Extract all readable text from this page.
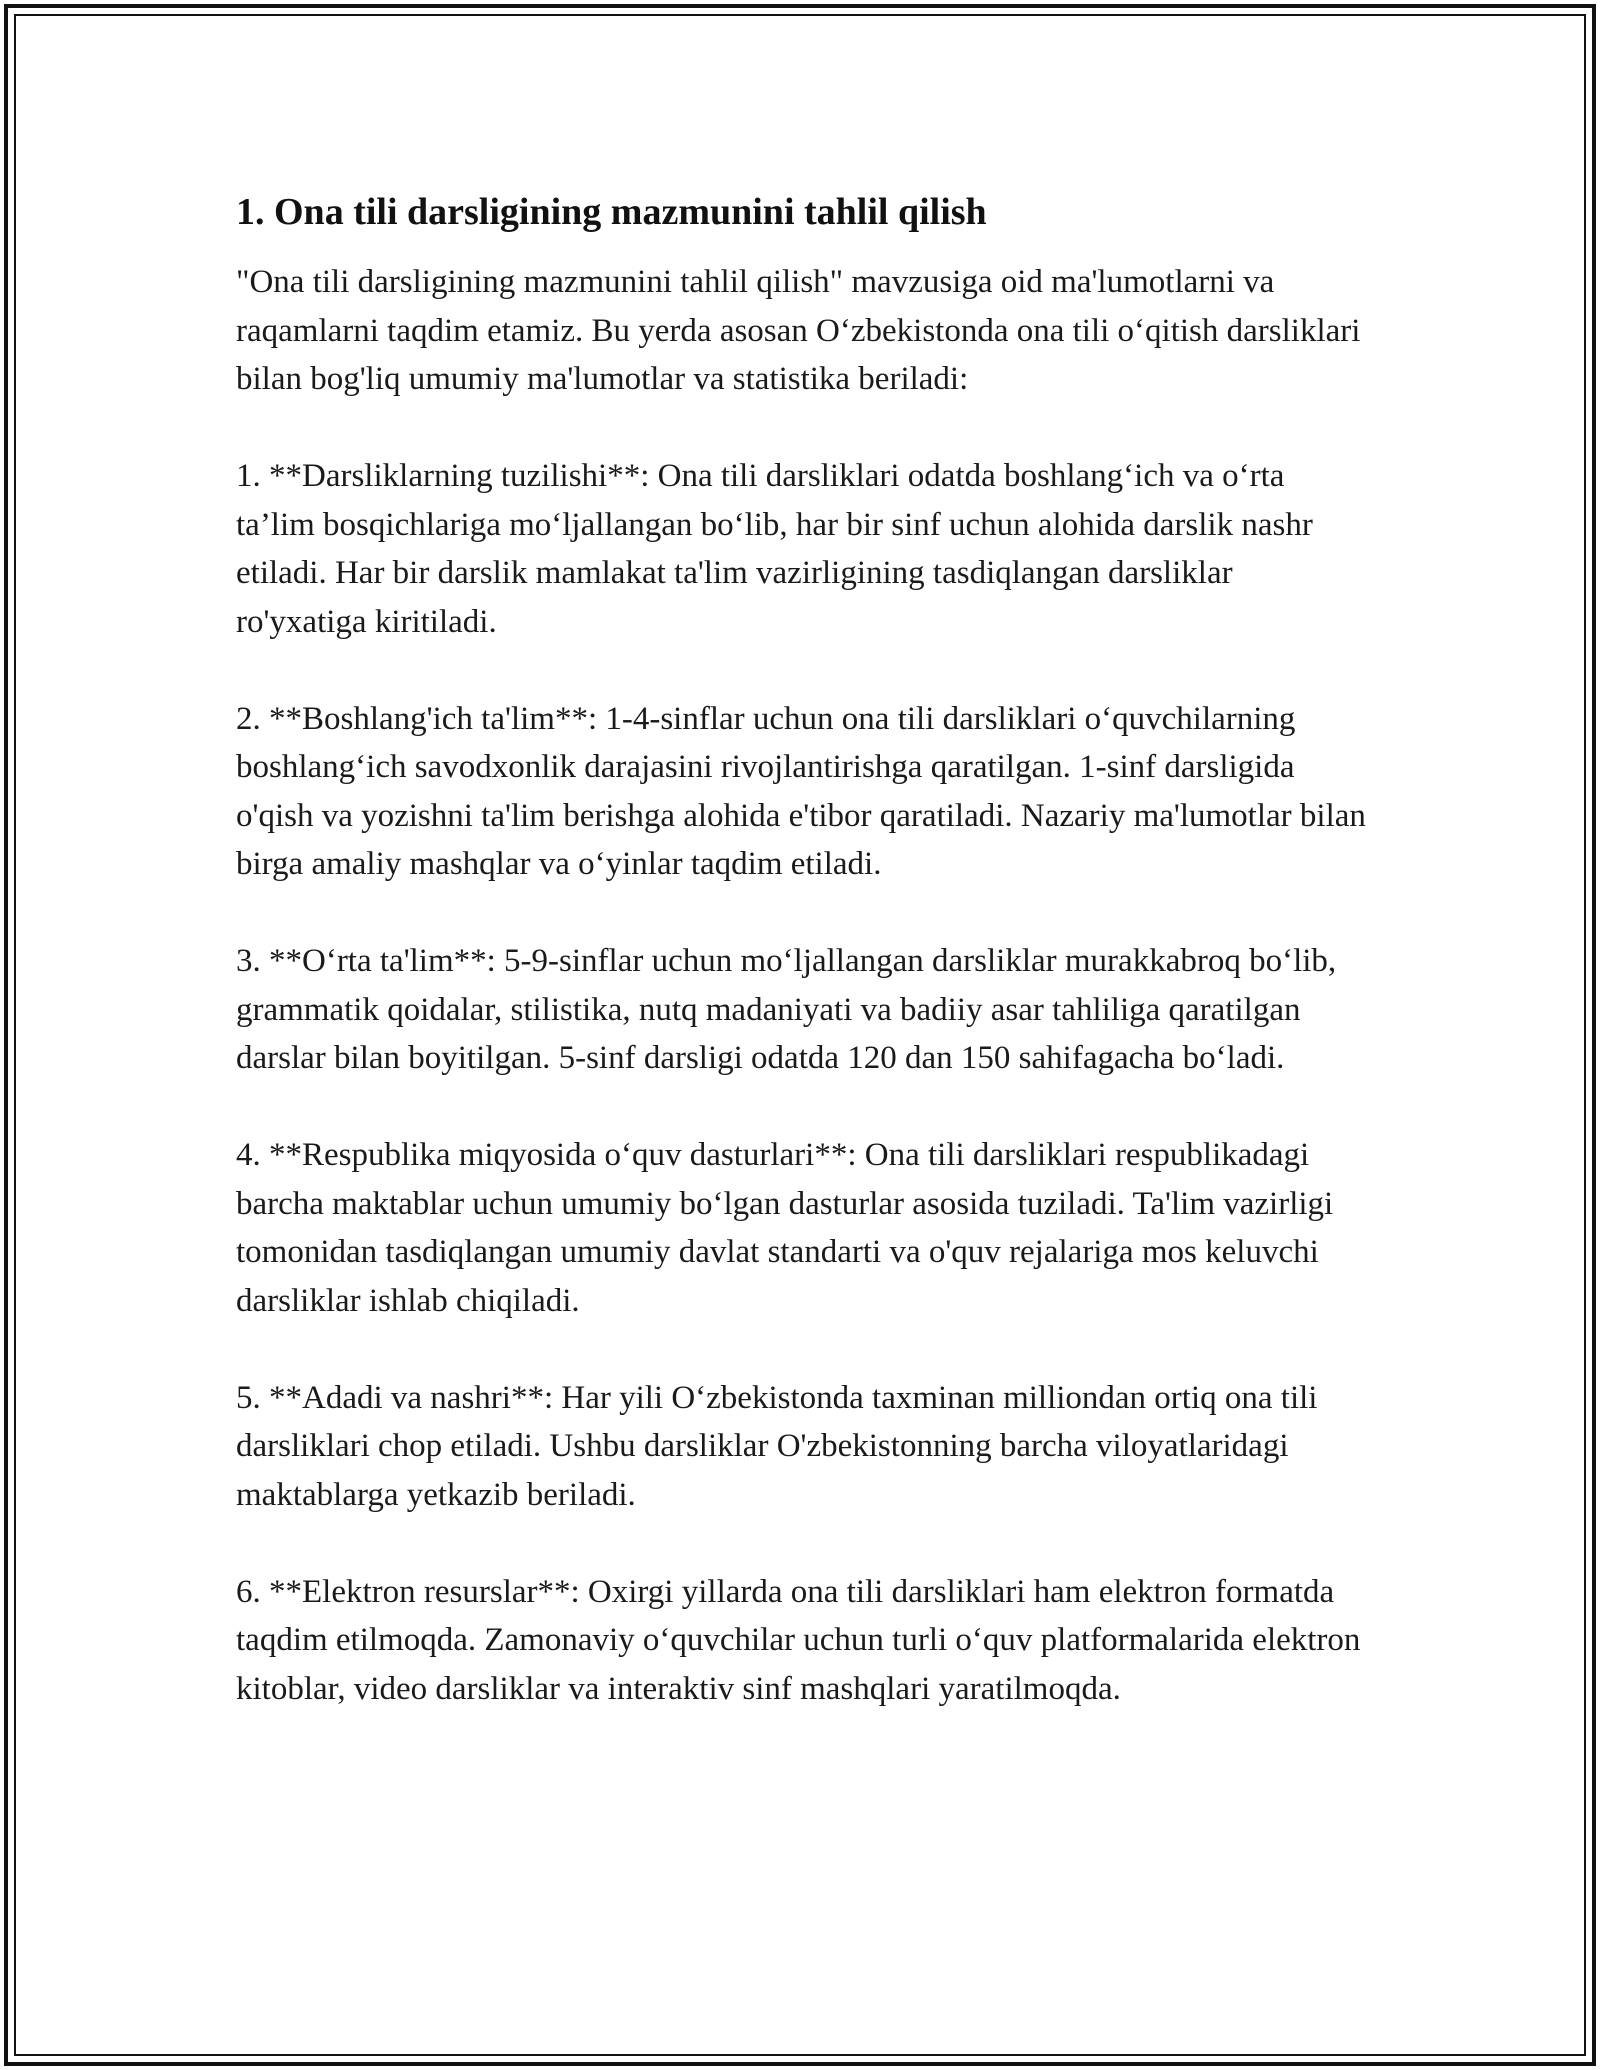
1. Ona tili darsligining mazmunini tahlil qilish

"Ona tili darsligining mazmunini tahlil qilish" mavzusiga oid ma'lumotlarni va raqamlarni taqdim etamiz. Bu yerda asosan O‘zbekistonda ona tili o‘qitish darsliklari bilan bog'liq umumiy ma'lumotlar va statistika beriladi:

1. **Darsliklarning tuzilishi**: Ona tili darsliklari odatda boshlang‘ich va o‘rta ta’lim bosqichlariga mo‘ljallangan bo‘lib, har bir sinf uchun alohida darslik nashr etiladi. Har bir darslik mamlakat ta'lim vazirligining tasdiqlangan darsliklar ro'yxatiga kiritiladi.

2. **Boshlang'ich ta'lim**: 1-4-sinflar uchun ona tili darsliklari o‘quvchilarning boshlang‘ich savodxonlik darajasini rivojlantirishga qaratilgan. 1-sinf darsligida o'qish va yozishni ta'lim berishga alohida e'tibor qaratiladi. Nazariy ma'lumotlar bilan birga amaliy mashqlar va o‘yinlar taqdim etiladi.

3. **O‘rta ta'lim**: 5-9-sinflar uchun mo‘ljallangan darsliklar murakkabroq bo‘lib, grammatik qoidalar, stilistika, nutq madaniyati va badiiy asar tahliliga qaratilgan darslar bilan boyitilgan. 5-sinf darsligi odatda 120 dan 150 sahifagacha bo‘ladi.

4. **Respublika miqyosida o‘quv dasturlari**: Ona tili darsliklari respublikadagi barcha maktablar uchun umumiy bo‘lgan dasturlar asosida tuziladi. Ta'lim vazirligi tomonidan tasdiqlangan umumiy davlat standarti va o'quv rejalariga mos keluvchi darsliklar ishlab chiqiladi.

5. **Adadi va nashri**: Har yili O‘zbekistonda taxminan milliondan ortiq ona tili darsliklari chop etiladi. Ushbu darsliklar O'zbekistonning barcha viloyatlaridagi maktablarga yetkazib beriladi.

6. **Elektron resurslar**: Oxirgi yillarda ona tili darsliklari ham elektron formatda taqdim etilmoqda. Zamonaviy o‘quvchilar uchun turli o‘quv platformalarida elektron kitoblar, video darsliklar va interaktiv sinf mashqlari yaratilmoqda.
